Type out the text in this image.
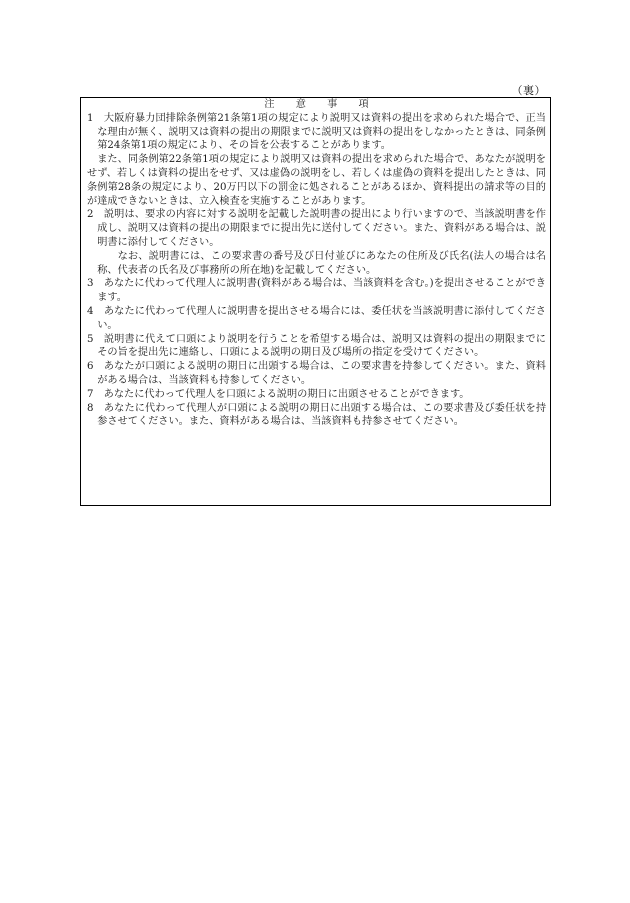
（裏）

注 意 事 項

1　大阪府暴力団排除条例第21条第1項の規定により説明又は資料の提出を求められた場合で、正当な理由が無く、説明又は資料の提出の期限までに説明又は資料の提出をしなかったときは、同条例第24条第1項の規定により、その旨を公表することがあります。

また、同条例第22条第1項の規定により説明又は資料の提出を求められた場合で、あなたが説明をせず、若しくは資料の提出をせず、又は虚偽の説明をし、若しくは虚偽の資料を提出したときは、同条例第28条の規定により、20万円以下の罰金に処されることがあるほか、資料提出の請求等の目的が達成できないときは、立入検査を実施することがあります。

2　説明は、要求の内容に対する説明を記載した説明書の提出により行いますので、当該説明書を作成し、説明又は資料の提出の期限までに提出先に送付してください。また、資料がある場合は、説明書に添付してください。

なお、説明書には、この要求書の番号及び日付並びにあなたの住所及び氏名(法人の場合は名称、代表者の氏名及び事務所の所在地)を記載してください。

3　あなたに代わって代理人に説明書(資料がある場合は、当該資料を含む。)を提出させることができます。

4　あなたに代わって代理人に説明書を提出させる場合には、委任状を当該説明書に添付してください。

5　説明書に代えて口頭により説明を行うことを希望する場合は、説明又は資料の提出の期限までにその旨を提出先に連絡し、口頭による説明の期日及び場所の指定を受けてください。

6　あなたが口頭による説明の期日に出頭する場合は、この要求書を持参してください。また、資料がある場合は、当該資料も持参してください。

7　あなたに代わって代理人を口頭による説明の期日に出頭させることができます。

8　あなたに代わって代理人が口頭による説明の期日に出頭する場合は、この要求書及び委任状を持参させてください。また、資料がある場合は、当該資料も持参させてください。
